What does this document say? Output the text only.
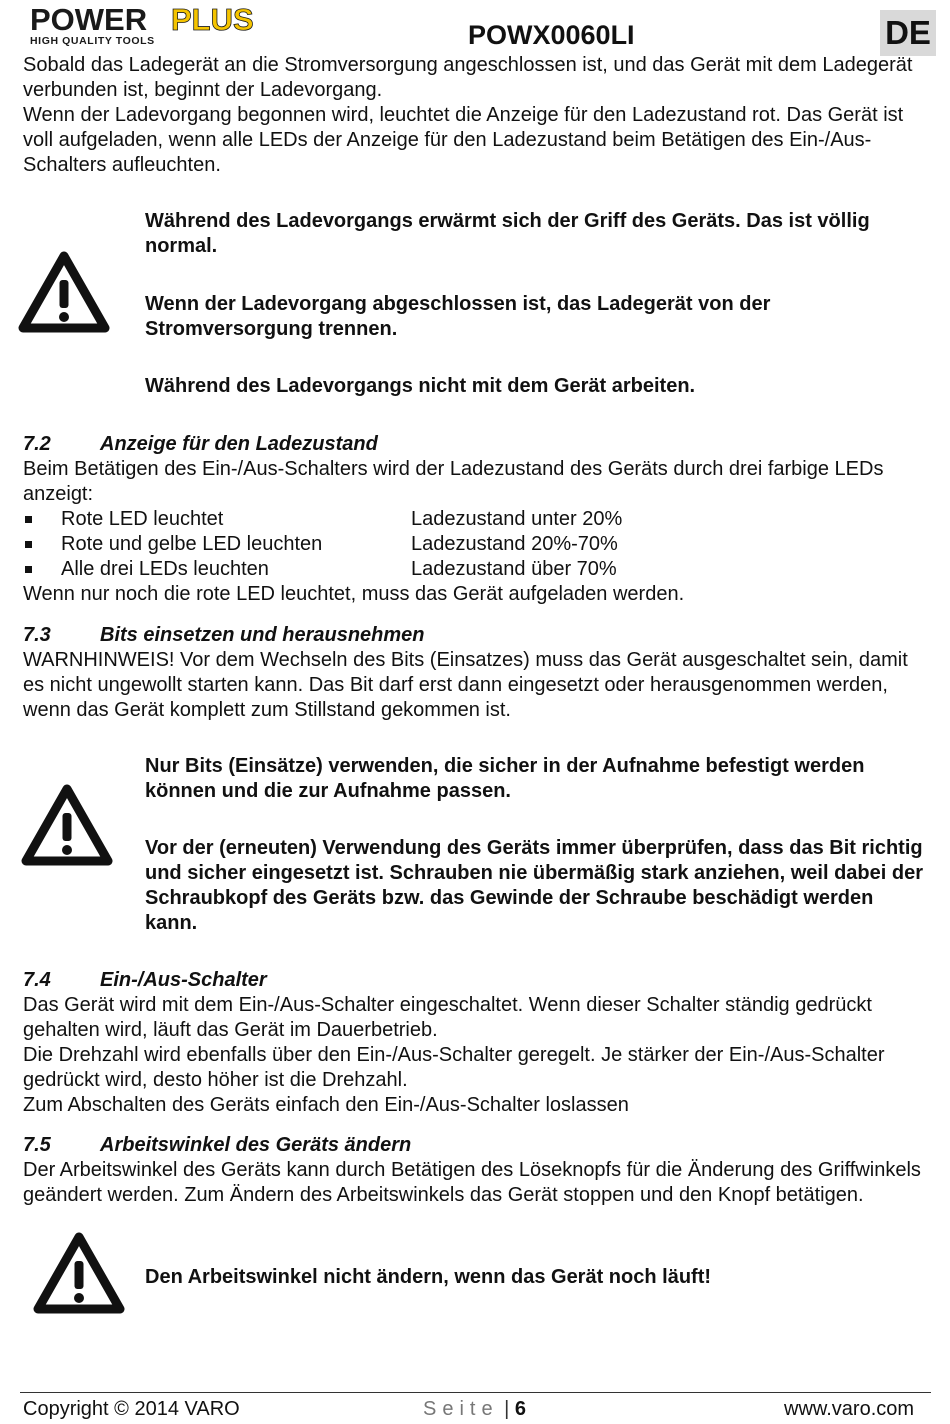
POWER PLUS
HIGH QUALITY TOOLS	POWX0060LI	DE
Sobald das Ladegerät an die Stromversorgung angeschlossen ist, und das Gerät mit dem Ladegerät verbunden ist, beginnt der Ladevorgang.
Wenn der Ladevorgang begonnen wird, leuchtet die Anzeige für den Ladezustand rot. Das Gerät ist voll aufgeladen, wenn alle LEDs der Anzeige für den Ladezustand beim Betätigen des Ein-/Aus-Schalters aufleuchten.
Während des Ladevorgangs erwärmt sich der Griff des Geräts. Das ist völlig normal.
Wenn der Ladevorgang abgeschlossen ist, das Ladegerät von der Stromversorgung trennen.
Während des Ladevorgangs nicht mit dem Gerät arbeiten.
7.2 Anzeige für den Ladezustand
Beim Betätigen des Ein-/Aus-Schalters wird der Ladezustand des Geräts durch drei farbige LEDs anzeigt:
Rote LED leuchtet	Ladezustand unter 20%
Rote und gelbe LED leuchten	Ladezustand 20%-70%
Alle drei LEDs leuchten	Ladezustand über 70%
Wenn nur noch die rote LED leuchtet, muss das Gerät aufgeladen werden.
7.3 Bits einsetzen und herausnehmen
WARNHINWEIS! Vor dem Wechseln des Bits (Einsatzes) muss das Gerät ausgeschaltet sein, damit es nicht ungewollt starten kann. Das Bit darf erst dann eingesetzt oder herausgenommen werden, wenn das Gerät komplett zum Stillstand gekommen ist.
Nur Bits (Einsätze) verwenden, die sicher in der Aufnahme befestigt werden können und die zur Aufnahme passen.
Vor der (erneuten) Verwendung des Geräts immer überprüfen, dass das Bit richtig und sicher eingesetzt ist. Schrauben nie übermäßig stark anziehen, weil dabei der Schraubkopf des Geräts bzw. das Gewinde der Schraube beschädigt werden kann.
7.4 Ein-/Aus-Schalter
Das Gerät wird mit dem Ein-/Aus-Schalter eingeschaltet. Wenn dieser Schalter ständig gedrückt gehalten wird, läuft das Gerät im Dauerbetrieb.
Die Drehzahl wird ebenfalls über den Ein-/Aus-Schalter geregelt. Je stärker der Ein-/Aus-Schalter gedrückt wird, desto höher ist die Drehzahl.
Zum Abschalten des Geräts einfach den Ein-/Aus-Schalter loslassen
7.5 Arbeitswinkel des Geräts ändern
Der Arbeitswinkel des Geräts kann durch Betätigen des Löseknopfs für die Änderung des Griffwinkels geändert werden. Zum Ändern des Arbeitswinkels das Gerät stoppen und den Knopf betätigen.
Den Arbeitswinkel nicht ändern, wenn das Gerät noch läuft!
Copyright © 2014 VARO	Seite | 6	www.varo.com
